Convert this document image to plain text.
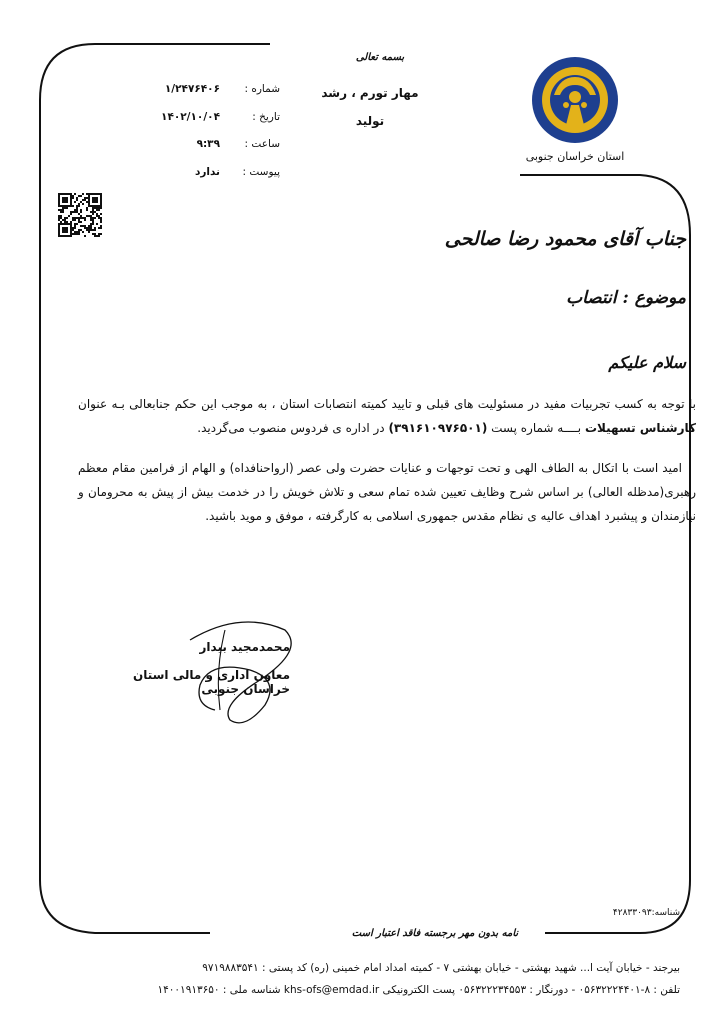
استان خراسان جنوبی
بسمه تعالی
مهار تورم ، رشد
تولید
شماره :
۱/۲۴۷۶۴۰۶
تاریخ :
۱۴۰۲/۱۰/۰۴
ساعت :
۹:۳۹
پیوست :
ندارد
جناب آقای محمود رضا صالحی
موضوع : انتصاب
سلام علیکم
با توجه به کسب تجربیات مفید در مسئولیت های قبلی و تایید کمیته انتصابات استان ، به موجب این حکم جنابعالی بـه عنوان کارشناس تسهیلات بــــه شماره پست (۳۹۱۶۱۰۹۷۶۵۰۱) در اداره ی فردوس منصوب می‌گردید.
امید است با اتکال به الطاف الهی و تحت توجهات و عنایات حضرت ولی عصر (ارواحنافداه) و الهام از فرامین مقام معظم رهبری(مدظله العالی) بر اساس شرح وظایف تعیین شده تمام سعی و تلاش خویش را در خدمت بیش از پیش به محرومان و نیازمندان و پیشبرد اهداف عالیه ی نظام مقدس جمهوری اسلامی به کارگرفته ، موفق و مو‌ید باشید.
محمدمجید بیدار
معاون اداری و مالی استان خراسان جنوبی
شناسه:۴۲۸۳۳۰۹۳
نامه بدون مهر برجسته فاقد اعتبار است
بیرجند - خیابان آیت ا... شهید بهشتی - خیابان بهشتی ۷ - کمیته امداد امام خمینی (ره) کد پستی : ۹۷۱۹۸۸۳۵۴۱
تلفن : ۸-۰۵۶۳۲۲۲۴۴۰۱ - دورنگار : ۰۵۶۳۲۲۲۳۴۵۵۳ پست الکترونیکی khs-ofs@emdad.ir شناسه ملی : ۱۴۰۰۱۹۱۳۶۵۰
